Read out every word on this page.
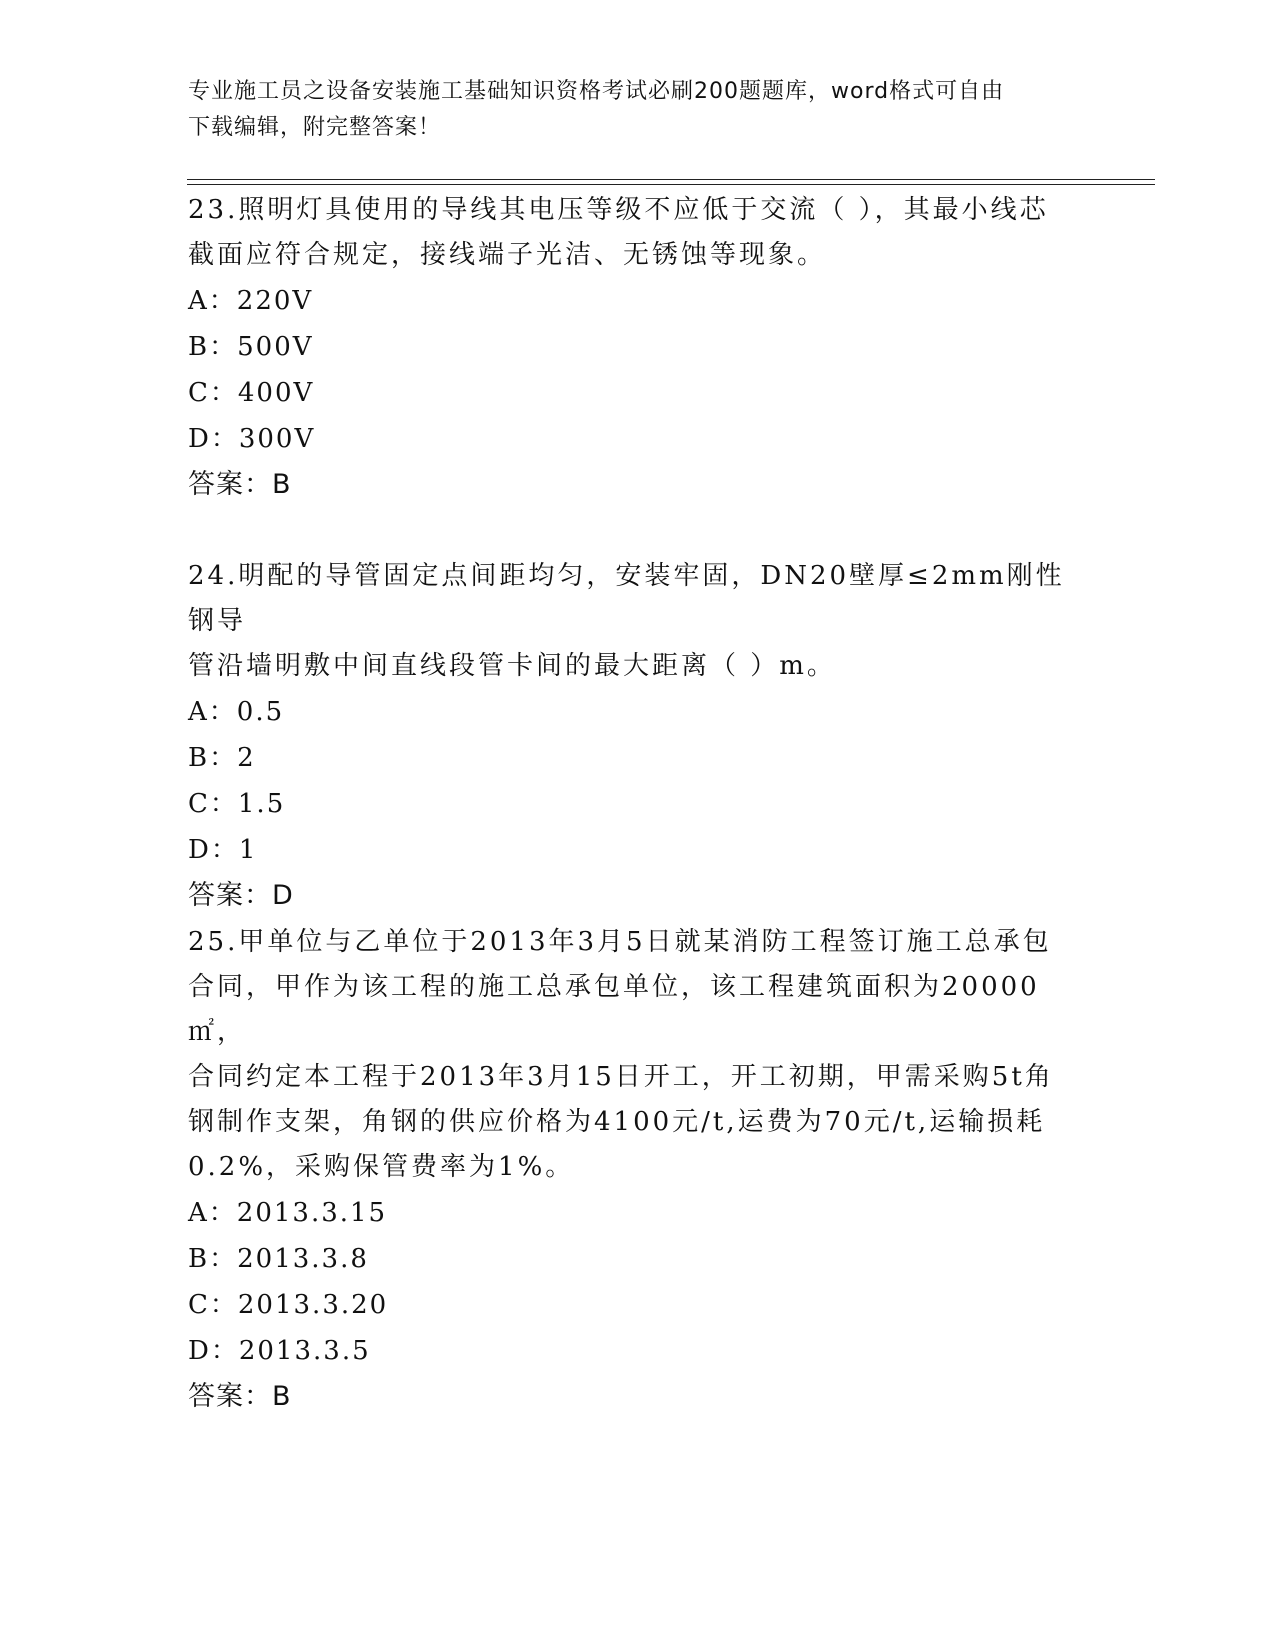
专业施工员之设备安装施工基础知识资格考试必刷200题题库，word格式可自由
下载编辑，附完整答案！

23.照明灯具使用的导线其电压等级不应低于交流（ ），其最小线芯

截面应符合规定，接线端子光洁、无锈蚀等现象。

A：220V

B：500V

C：400V

D：300V

答案：B

24.明配的导管固定点间距均匀，安装牢固，DN20壁厚≤2mm刚性钢导

管沿墙明敷中间直线段管卡间的最大距离（ ）m。

A：0.5

B：2

C：1.5

D：1

答案：D

25.甲单位与乙单位于2013年3月5日就某消防工程签订施工总承包

合同，甲作为该工程的施工总承包单位，该工程建筑面积为20000㎡，

合同约定本工程于2013年3月15日开工，开工初期，甲需采购5t角

钢制作支架，角钢的供应价格为4100元/t,运费为70元/t,运输损耗

0.2%，采购保管费率为1%。

A：2013.3.15

B：2013.3.8

C：2013.3.20

D：2013.3.5

答案：B
